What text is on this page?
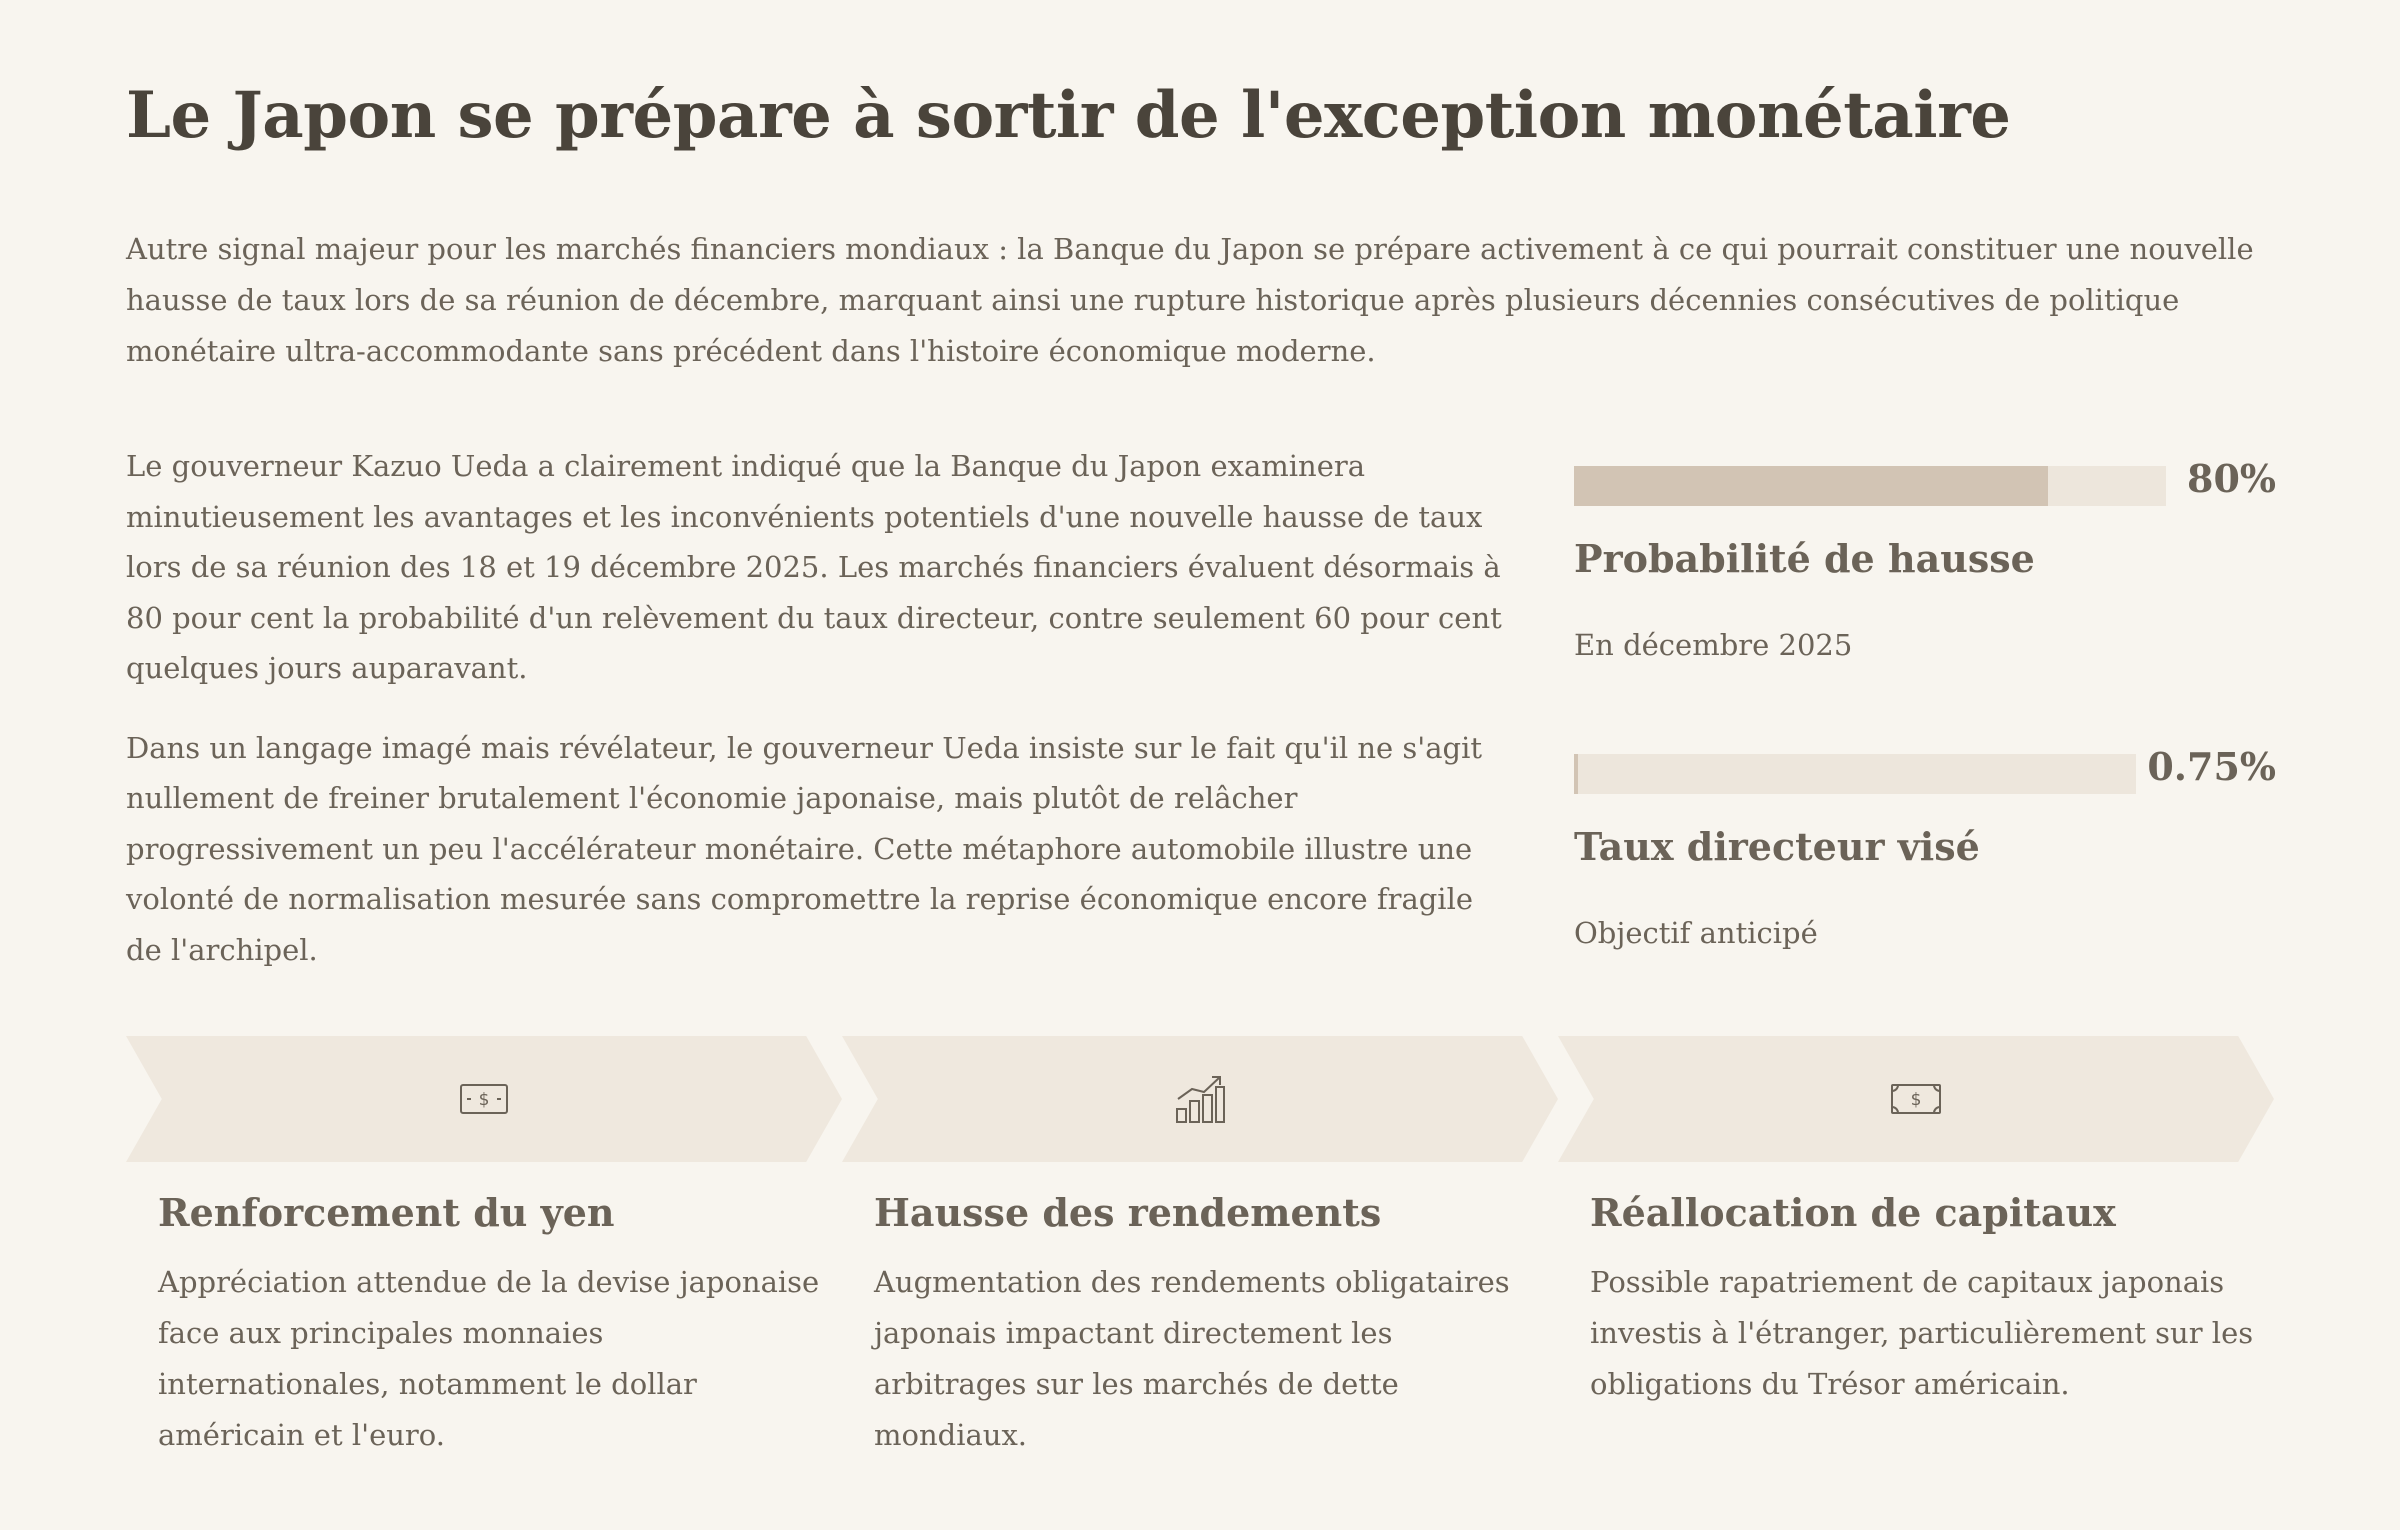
Le Japon se prépare à sortir de l'exception monétaire

Autre signal majeur pour les marchés financiers mondiaux : la Banque du Japon se prépare activement à ce qui pourrait constituer une nouvelle hausse de taux lors de sa réunion de décembre, marquant ainsi une rupture historique après plusieurs décennies consécutives de politique monétaire ultra-accommodante sans précédent dans l'histoire économique moderne.

Le gouverneur Kazuo Ueda a clairement indiqué que la Banque du Japon examinera minutieusement les avantages et les inconvénients potentiels d'une nouvelle hausse de taux lors de sa réunion des 18 et 19 décembre 2025. Les marchés financiers évaluent désormais à 80 pour cent la probabilité d'un relèvement du taux directeur, contre seulement 60 pour cent quelques jours auparavant.

Dans un langage imagé mais révélateur, le gouverneur Ueda insiste sur le fait qu'il ne s'agit nullement de freiner brutalement l'économie japonaise, mais plutôt de relâcher progressivement un peu l'accélérateur monétaire. Cette métaphore automobile illustre une volonté de normalisation mesurée sans compromettre la reprise économique encore fragile de l'archipel.

80%
Probabilité de hausse

En décembre 2025

0.75%
Taux directeur visé

Objectif anticipé

$	$
Renforcement du yen

Appréciation attendue de la devise japonaise face aux principales monnaies internationales, notamment le dollar américain et l'euro.

Hausse des rendements

Augmentation des rendements obligataires japonais impactant directement les arbitrages sur les marchés de dette mondiaux.

Réallocation de capitaux

Possible rapatriement de capitaux japonais investis à l'étranger, particulièrement sur les obligations du Trésor américain.
